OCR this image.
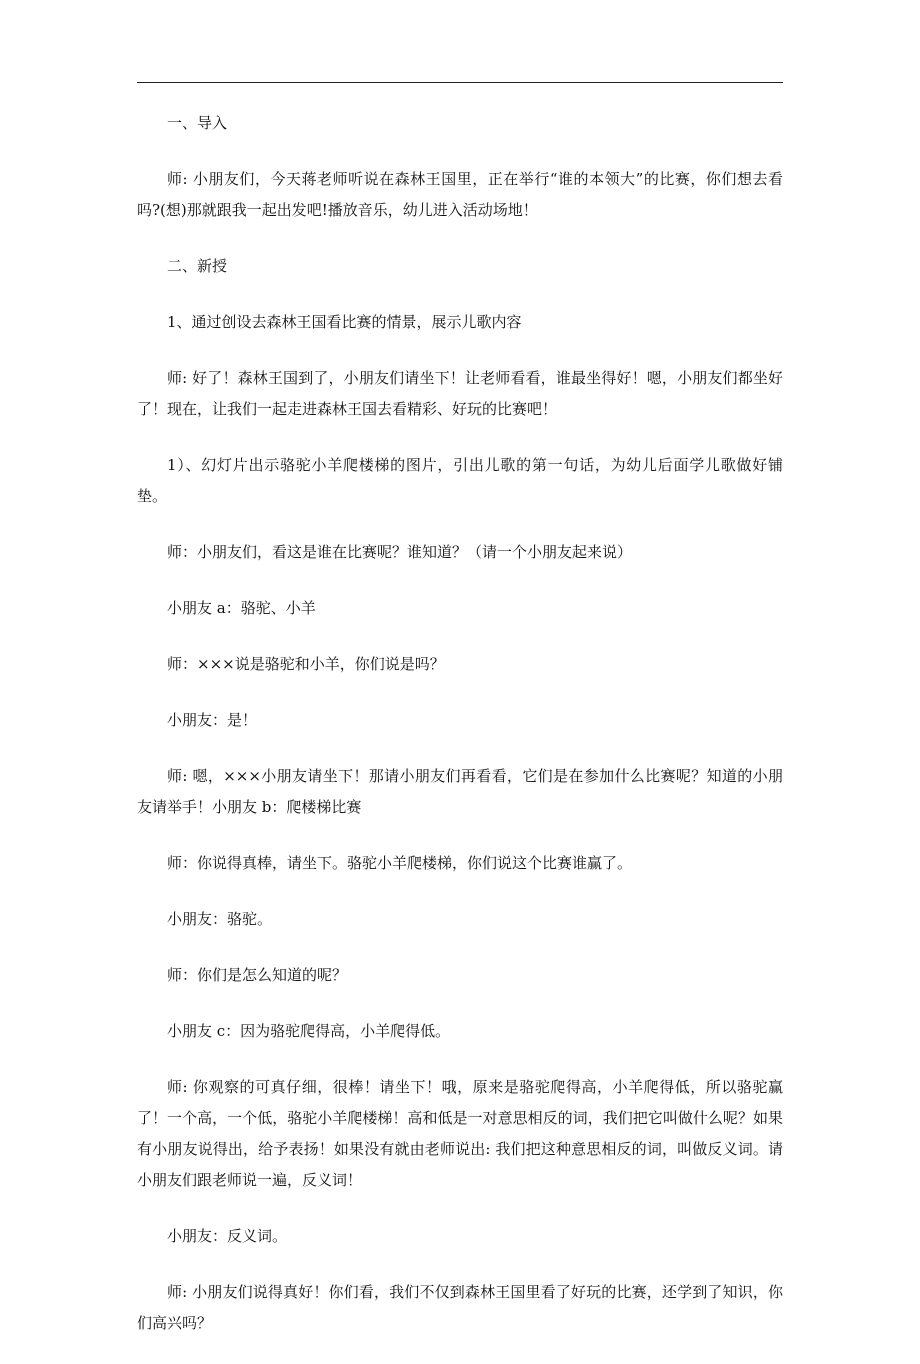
一、导入

师: 小朋友们，今天蒋老师听说在森林王国里，正在举行“谁的本领大”的比赛，你们想去看吗?(想)那就跟我一起出发吧!播放音乐，幼儿进入活动场地！

二、新授

1、通过创设去森林王国看比赛的情景，展示儿歌内容

师: 好了！森林王国到了，小朋友们请坐下！让老师看看，谁最坐得好！嗯，小朋友们都坐好了！现在，让我们一起走进森林王国去看精彩、好玩的比赛吧！

1）、幻灯片出示骆驼小羊爬楼梯的图片，引出儿歌的第一句话，为幼儿后面学儿歌做好铺垫。

师：小朋友们，看这是谁在比赛呢？谁知道？（请一个小朋友起来说）

小朋友 a：骆驼、小羊

师：×××说是骆驼和小羊，你们说是吗？

小朋友：是！

师: 嗯，×××小朋友请坐下！那请小朋友们再看看，它们是在参加什么比赛呢？知道的小朋友请举手！小朋友 b：爬楼梯比赛

师：你说得真棒，请坐下。骆驼小羊爬楼梯，你们说这个比赛谁赢了。

小朋友：骆驼。

师：你们是怎么知道的呢？

小朋友 c：因为骆驼爬得高，小羊爬得低。

师: 你观察的可真仔细，很棒！请坐下！哦，原来是骆驼爬得高，小羊爬得低，所以骆驼赢了！一个高，一个低，骆驼小羊爬楼梯！高和低是一对意思相反的词，我们把它叫做什么呢？如果有小朋友说得出，给予表扬！如果没有就由老师说出: 我们把这种意思相反的词，叫做反义词。请小朋友们跟老师说一遍，反义词！

小朋友：反义词。

师: 小朋友们说得真好！你们看，我们不仅到森林王国里看了好玩的比赛，还学到了知识，你们高兴吗？
